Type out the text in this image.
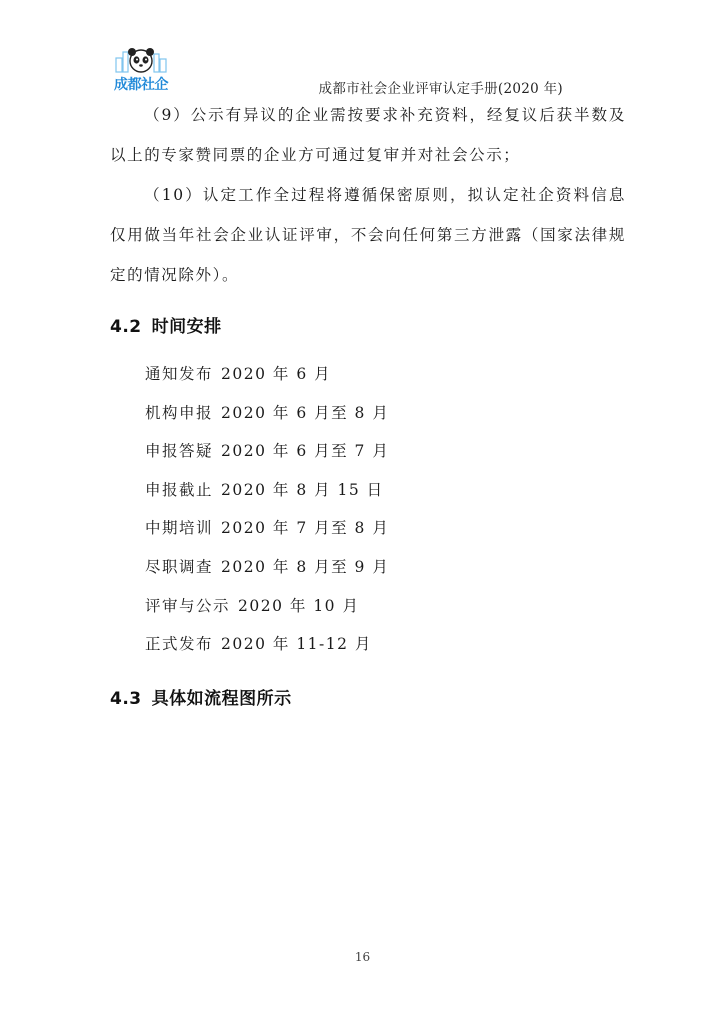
成都社企	成都市社会企业评审认定手册(2020 年)

（9）公示有异议的企业需按要求补充资料，经复议后获半数及以上的专家赞同票的企业方可通过复审并对社会公示；

（10）认定工作全过程将遵循保密原则，拟认定社企资料信息仅用做当年社会企业认证评审，不会向任何第三方泄露（国家法律规定的情况除外）。

4.2 时间安排
通知发布 2020 年 6 月
机构申报 2020 年 6 月至 8 月
申报答疑 2020 年 6 月至 7 月
申报截止 2020 年 8 月 15 日
中期培训 2020 年 7 月至 8 月
尽职调查 2020 年 8 月至 9 月
评审与公示 2020 年 10 月
正式发布 2020 年 11-12 月
4.3 具体如流程图所示
16
